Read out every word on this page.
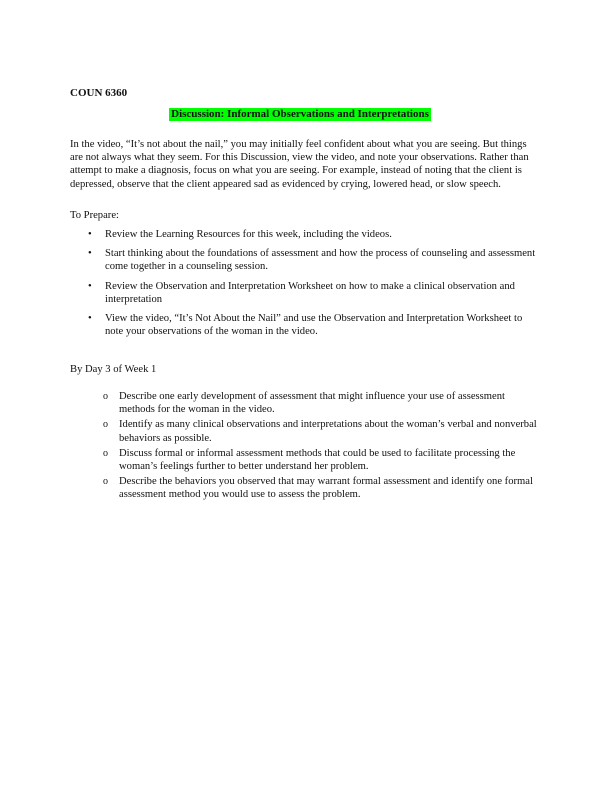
COUN 6360
Discussion: Informal Observations and Interpretations

In the video, “It’s not about the nail,” you may initially feel confident about what you are seeing. But things are not always what they seem. For this Discussion, view the video, and note your observations. Rather than attempt to make a diagnosis, focus on what you are seeing. For example, instead of noting that the client is depressed, observe that the client appeared sad as evidenced by crying, lowered head, or slow speech.

To Prepare:
• Review the Learning Resources for this week, including the videos.
• Start thinking about the foundations of assessment and how the process of counseling and assessment come together in a counseling session.
• Review the Observation and Interpretation Worksheet on how to make a clinical observation and interpretation
• View the video, “It’s Not About the Nail” and use the Observation and Interpretation Worksheet to note your observations of the woman in the video.
By Day 3 of Week 1
o Describe one early development of assessment that might influence your use of assessment methods for the woman in the video.
o Identify as many clinical observations and interpretations about the woman’s verbal and nonverbal behaviors as possible.
o Discuss formal or informal assessment methods that could be used to facilitate processing the woman’s feelings further to better understand her problem.
o Describe the behaviors you observed that may warrant formal assessment and identify one formal assessment method you would use to assess the problem.
